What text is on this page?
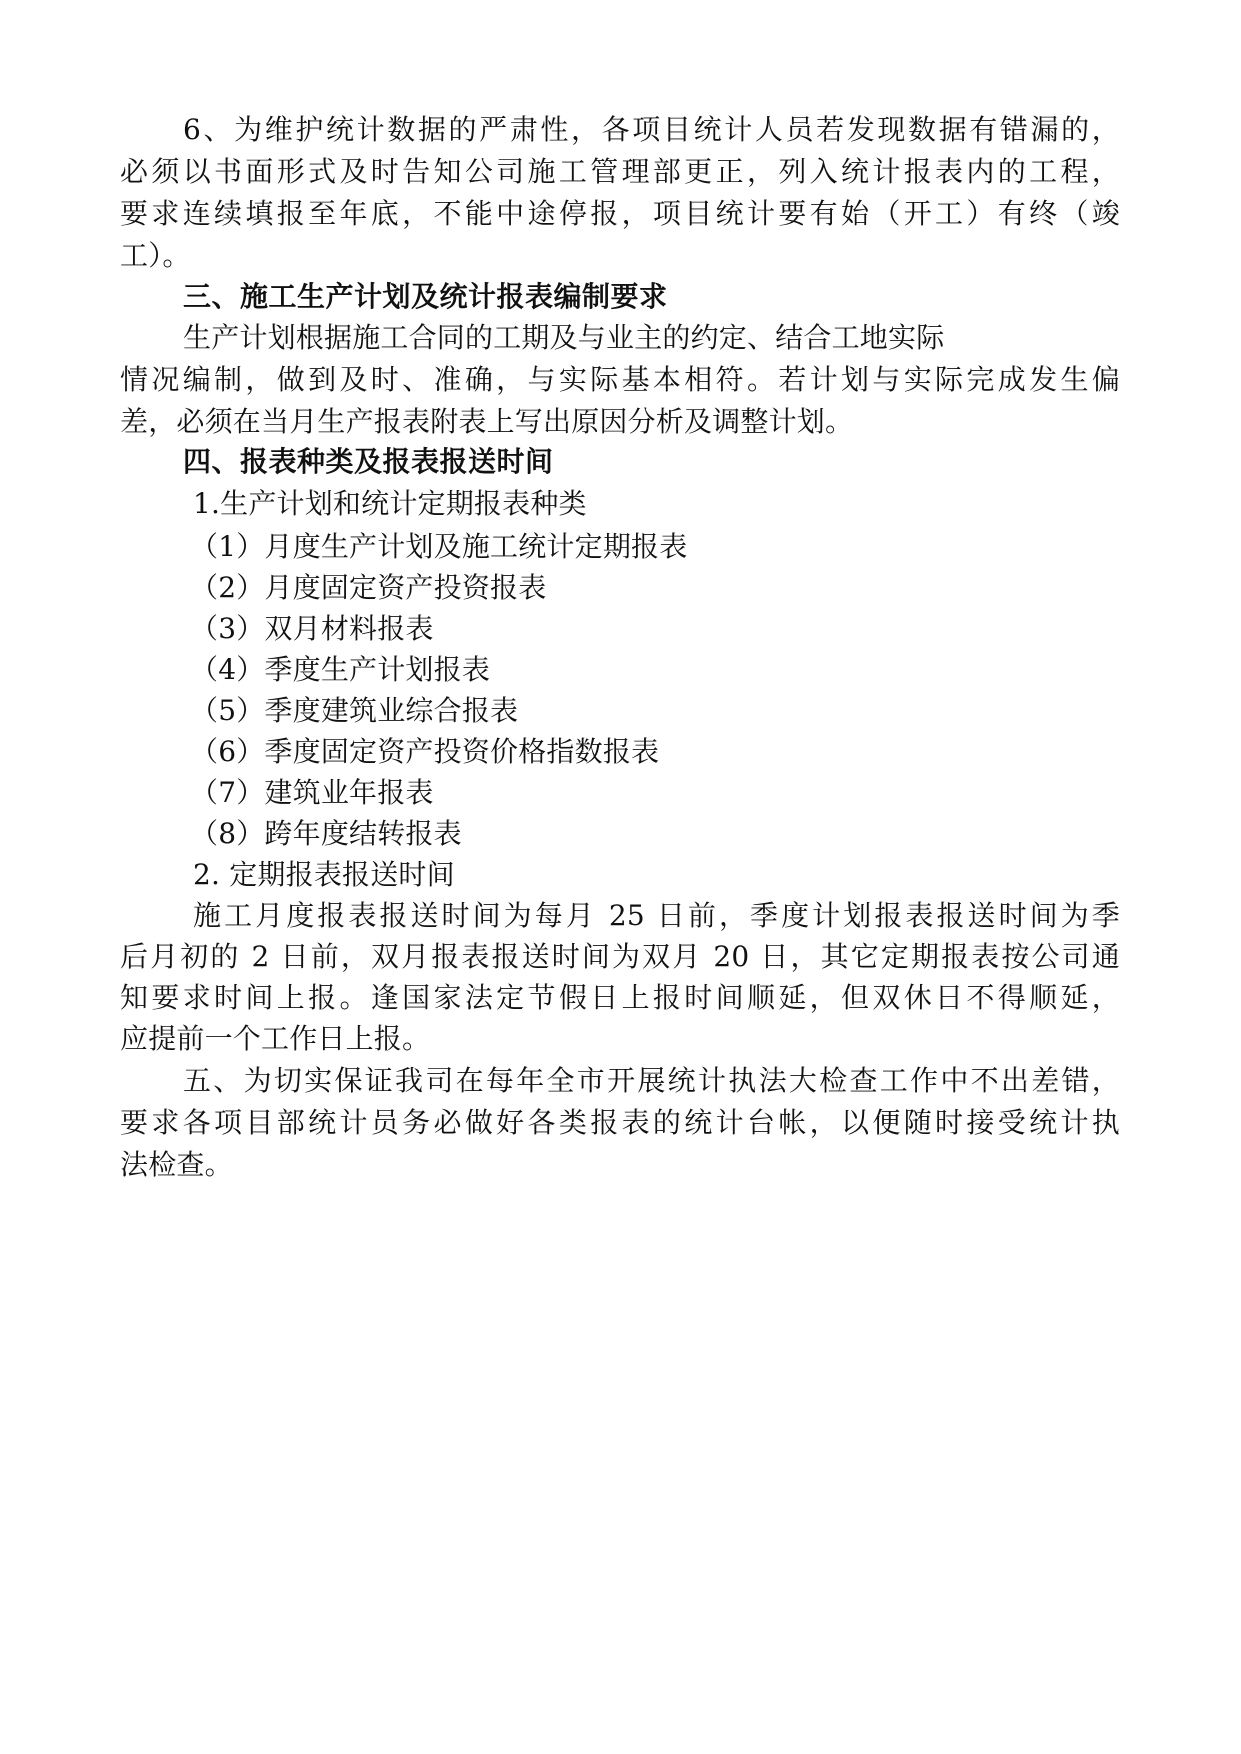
6、为维护统计数据的严肃性，各项目统计人员若发现数据有错漏的，
必须以书面形式及时告知公司施工管理部更正，列入统计报表内的工程，
要求连续填报至年底，不能中途停报，项目统计要有始（开工）有终（竣
工）。
三、施工生产计划及统计报表编制要求
生产计划根据施工合同的工期及与业主的约定、结合工地实际
情况编制，做到及时、准确，与实际基本相符。若计划与实际完成发生偏
差，必须在当月生产报表附表上写出原因分析及调整计划。
四、报表种类及报表报送时间
1.生产计划和统计定期报表种类
（1）月度生产计划及施工统计定期报表
（2）月度固定资产投资报表
（3）双月材料报表
（4）季度生产计划报表
（5）季度建筑业综合报表
（6）季度固定资产投资价格指数报表
（7）建筑业年报表
（8）跨年度结转报表
2. 定期报表报送时间
施工月度报表报送时间为每月 25 日前，季度计划报表报送时间为季
后月初的 2 日前，双月报表报送时间为双月 20 日，其它定期报表按公司通
知要求时间上报。逢国家法定节假日上报时间顺延，但双休日不得顺延，
应提前一个工作日上报。
五、为切实保证我司在每年全市开展统计执法大检查工作中不出差错，
要求各项目部统计员务必做好各类报表的统计台帐，以便随时接受统计执
法检查。
